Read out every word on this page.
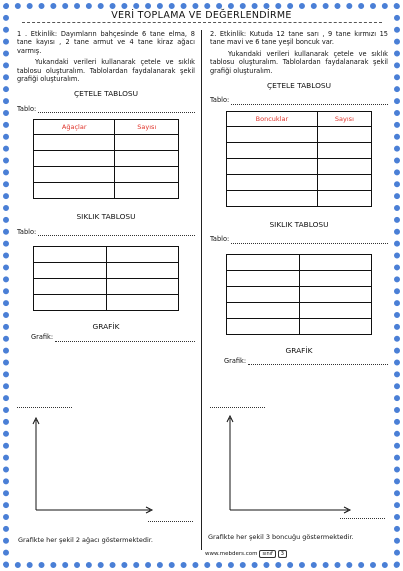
VERİ TOPLAMA VE DEĞERLENDİRME
1 . Etkinlik: Dayımların bahçesinde 6 tane elma, 8 tane kayısı , 2 tane armut ve 4 tane kiraz ağacı varmış.
Yukarıdaki verileri kullanarak çetele ve sıklık tablosu oluşturalım. Tablolardan faydalanarak şekil grafiği oluşturalım.
ÇETELE TABLOSU
Tablo:
Ağaçlar	Sayısı

SIKLIK TABLOSU
Tablo:

GRAFİK
Grafik:
Grafikte her şekil 2 ağacı göstermektedir.
2. Etkinlik: Kutuda 12 tane sarı , 9 tane kırmızı 15 tane mavi ve 6 tane yeşil boncuk var.
Yukarıdaki verileri kullanarak çetele ve sıklık tablosu oluşturalım. Tablolardan faydalanarak şekil grafiği oluşturalım.
ÇETELE TABLOSU
Tablo:
Boncuklar	Sayısı

SIKLIK TABLOSU
Tablo:

GRAFİK
Grafik:
Grafikte her şekil 3 boncuğu göstermektedir.
www.mebders.com	sınıf	3
